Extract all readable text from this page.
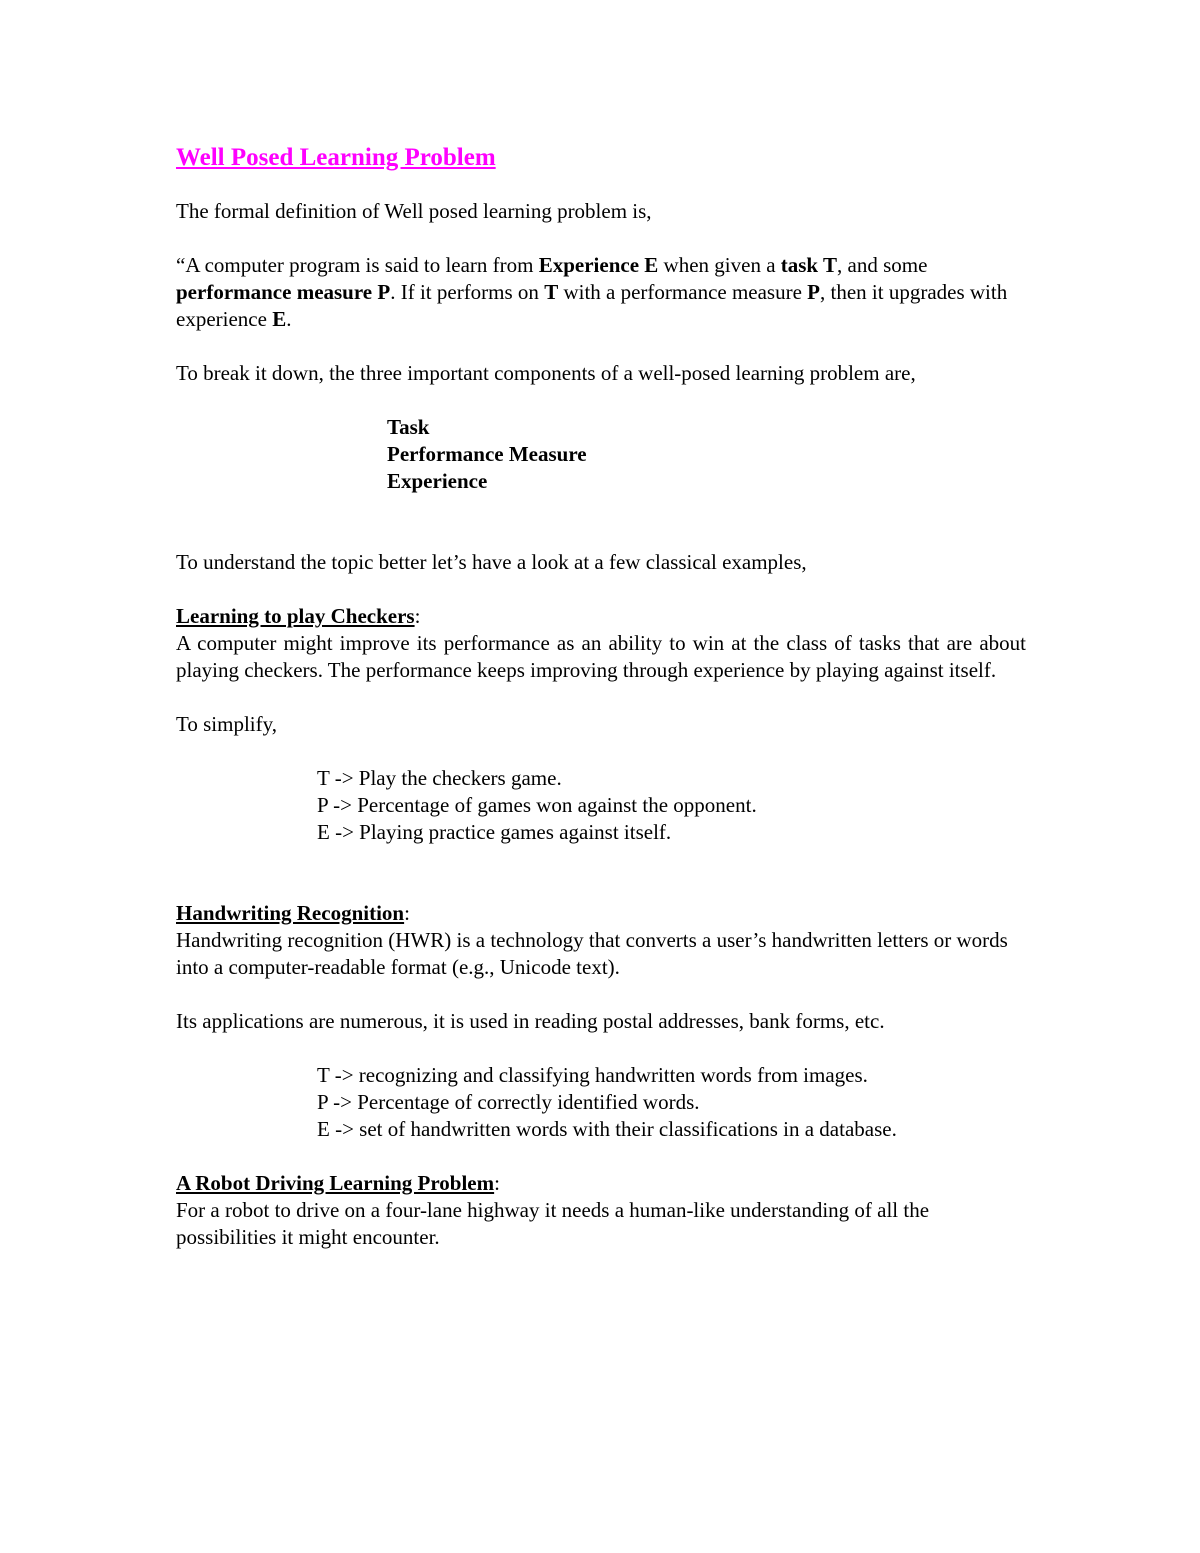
Well Posed Learning Problem

The formal definition of Well posed learning problem is,

“A computer program is said to learn from Experience E when given a task T, and some performance measure P. If it performs on T with a performance measure P, then it upgrades with experience E.

To break it down, the three important components of a well-posed learning problem are,

Task
Performance Measure
Experience

To understand the topic better let’s have a look at a few classical examples,

Learning to play Checkers:

A computer might improve its performance as an ability to win at the class of tasks that are about playing checkers. The performance keeps improving through experience by playing against itself.

To simplify,

T -> Play the checkers game.
P -> Percentage of games won against the opponent.
E -> Playing practice games against itself.

Handwriting Recognition:

Handwriting recognition (HWR) is a technology that converts a user’s handwritten letters or words into a computer-readable format (e.g., Unicode text).

Its applications are numerous, it is used in reading postal addresses, bank forms, etc.

T -> recognizing and classifying handwritten words from images.
P -> Percentage of correctly identified words.
E -> set of handwritten words with their classifications in a database.

A Robot Driving Learning Problem:

For a robot to drive on a four-lane highway it needs a human-like understanding of all the possibilities it might encounter.
